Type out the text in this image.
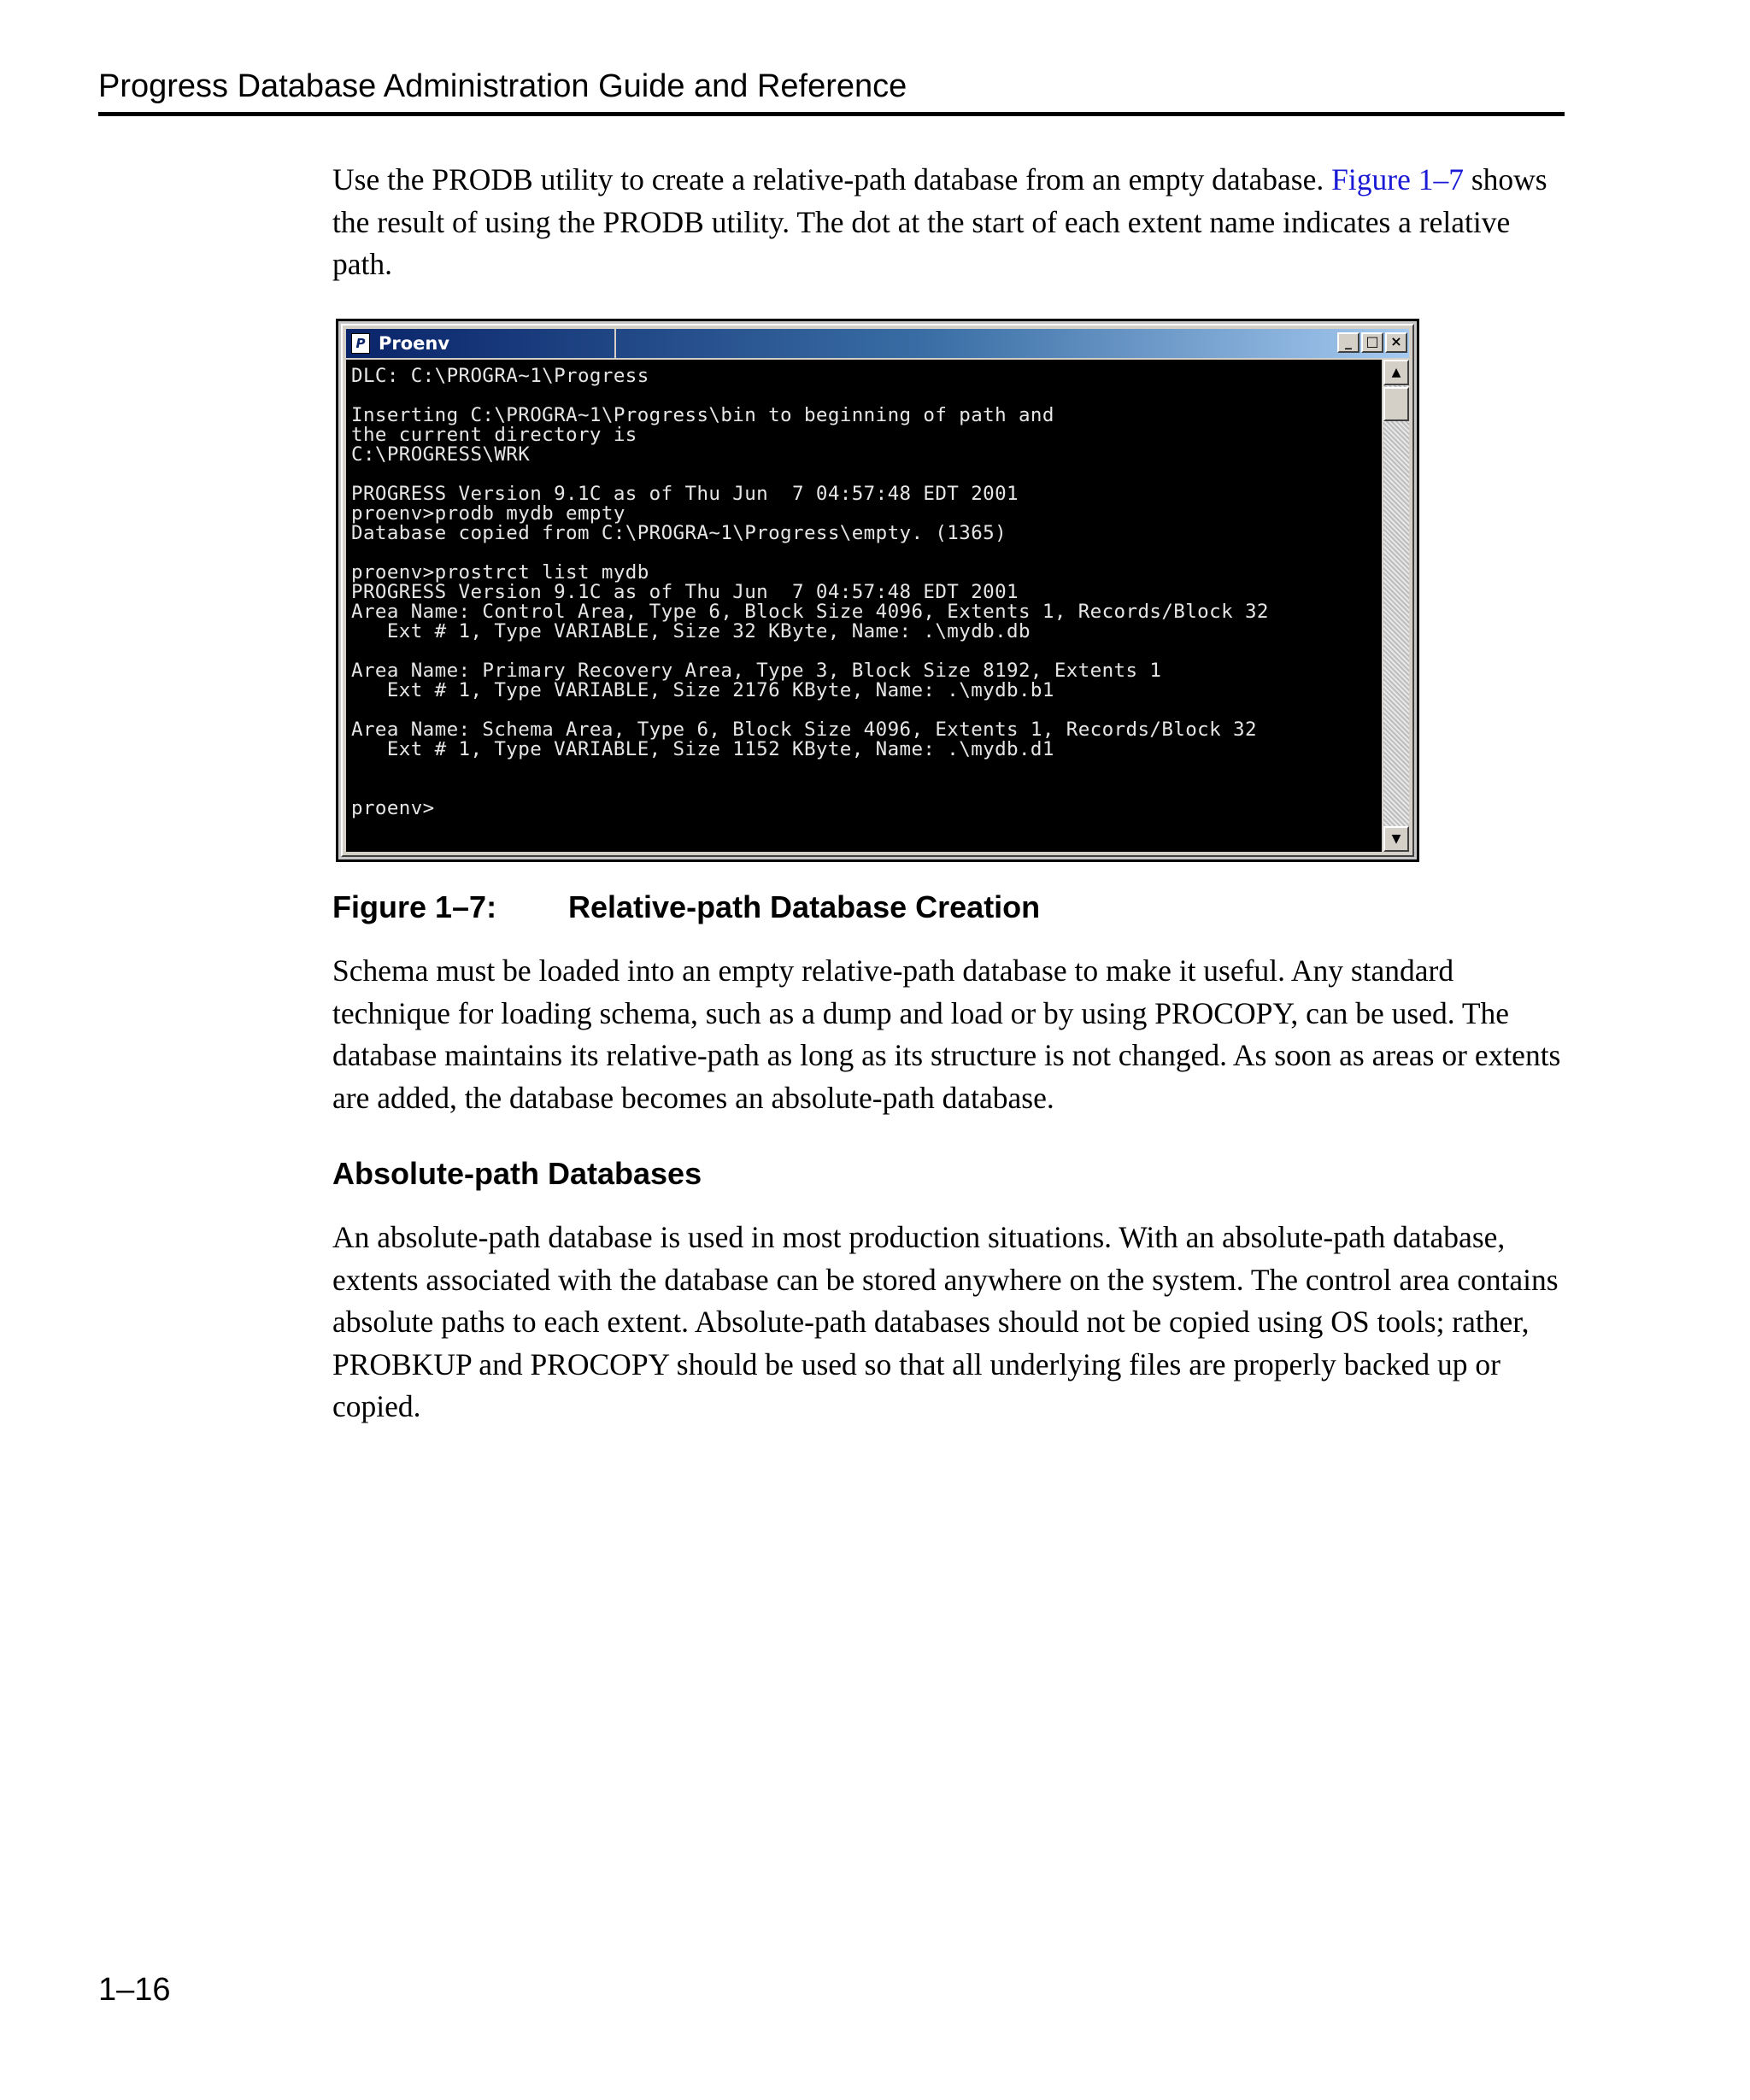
Progress Database Administration Guide and Reference

Use the PRODB utility to create a relative-path database from an empty database. Figure 1–7 shows the result of using the PRODB utility. The dot at the start of each extent name indicates a relative path.

P Proenv	_	□ ×
DLC: C:\PROGRA~1\Progress

Inserting C:\PROGRA~1\Progress\bin to beginning of path and
the current directory is
C:\PROGRESS\WRK

PROGRESS Version 9.1C as of Thu Jun  7 04:57:48 EDT 2001
proenv>prodb mydb empty
Database copied from C:\PROGRA~1\Progress\empty. (1365)

proenv>prostrct list mydb
PROGRESS Version 9.1C as of Thu Jun  7 04:57:48 EDT 2001
Area Name: Control Area, Type 6, Block Size 4096, Extents 1, Records/Block 32
Ext # 1, Type VARIABLE, Size 32 KByte, Name: .\mydb.db

Area Name: Primary Recovery Area, Type 3, Block Size 8192, Extents 1
Ext # 1, Type VARIABLE, Size 2176 KByte, Name: .\mydb.b1

Area Name: Schema Area, Type 6, Block Size 4096, Extents 1, Records/Block 32
Ext # 1, Type VARIABLE, Size 1152 KByte, Name: .\mydb.d1

proenv>
▲
▼
Figure 1–7: Relative-path Database Creation

Schema must be loaded into an empty relative-path database to make it useful. Any standard technique for loading schema, such as a dump and load or by using PROCOPY, can be used. The database maintains its relative-path as long as its structure is not changed. As soon as areas or extents are added, the database becomes an absolute-path database.

Absolute-path Databases

An absolute-path database is used in most production situations. With an absolute-path database, extents associated with the database can be stored anywhere on the system. The control area contains absolute paths to each extent. Absolute-path databases should not be copied using OS tools; rather, PROBKUP and PROCOPY should be used so that all underlying files are properly backed up or copied.

1–16
